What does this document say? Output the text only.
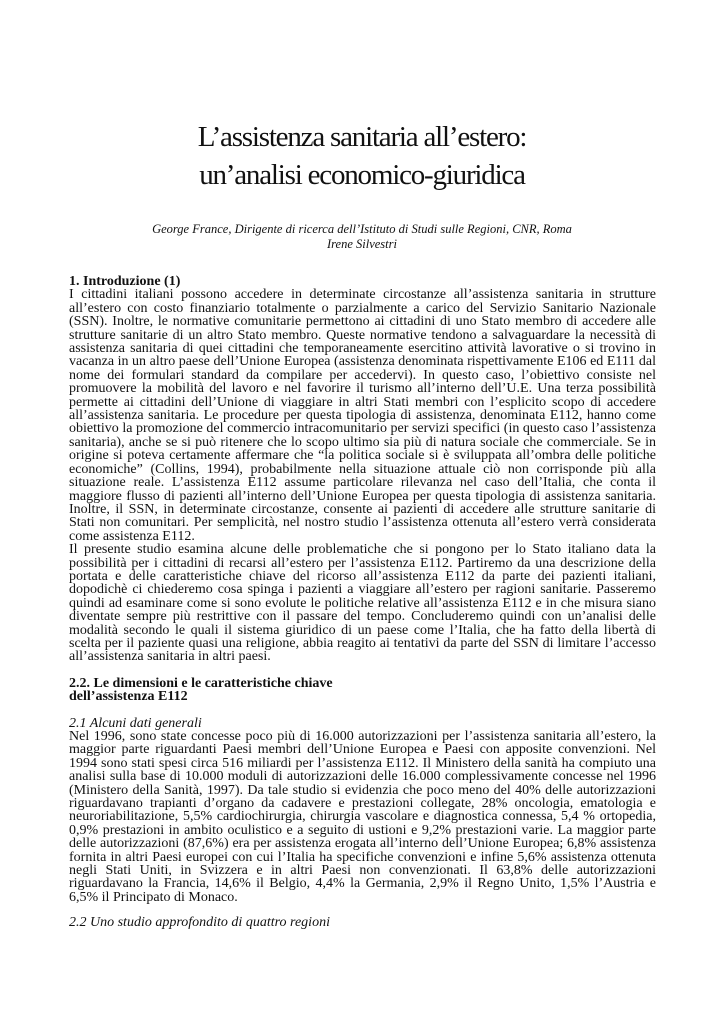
L’assistenza sanitaria all’estero:
un’analisi economico-giuridica
George France, Dirigente di ricerca dell’Istituto di Studi sulle Regioni, CNR, Roma
Irene Silvestri
1. Introduzione (1)

I cittadini italiani possono accedere in determinate circostanze all’assistenza sanitaria in strutture all’estero con costo finanziario totalmente o parzialmente a carico del Servizio Sanitario Nazionale (SSN). Inoltre, le normative comunitarie permettono ai cittadini di uno Stato membro di accedere alle strutture sanitarie di un altro Stato membro. Queste normative tendono a salvaguardare la necessità di assistenza sanitaria di quei cittadini che temporaneamente esercitino attività lavorative o si trovino in vacanza in un altro paese dell’Unione Europea (assistenza denominata rispettivamente E106 ed E111 dal nome dei formulari standard da compilare per accedervi). In questo caso, l’obiettivo consiste nel promuovere la mobilità del lavoro e nel favorire il turismo all’interno dell’U.E. Una terza possibilità permette ai cittadini dell’Unione di viaggiare in altri Stati membri con l’esplicito scopo di accedere all’assistenza sanitaria. Le procedure per questa tipologia di assistenza, denominata E112, hanno come obiettivo la promozione del commercio intracomunitario per servizi specifici (in questo caso l’assistenza sanitaria), anche se si può ritenere che lo scopo ultimo sia più di natura sociale che commerciale. Se in origine si poteva certamente affermare che “la politica sociale si è sviluppata all’ombra delle politiche economiche” (Collins, 1994), probabilmente nella situazione attuale ciò non corrisponde più alla situazione reale. L’assistenza E112 assume particolare rilevanza nel caso dell’Italia, che conta il maggiore flusso di pazienti all’interno dell’Unione Europea per questa tipologia di assistenza sanitaria. Inoltre, il SSN, in determinate circostanze, consente ai pazienti di accedere alle strutture sanitarie di Stati non comunitari. Per semplicità, nel nostro studio l’assistenza ottenuta all’estero verrà considerata come assistenza E112.

Il presente studio esamina alcune delle problematiche che si pongono per lo Stato italiano data la possibilità per i cittadini di recarsi all’estero per l’assistenza E112. Partiremo da una descrizione della portata e delle caratteristiche chiave del ricorso all’assistenza E112 da parte dei pazienti italiani, dopodichè ci chiederemo cosa spinga i pazienti a viaggiare all’estero per ragioni sanitarie. Passeremo quindi ad esaminare come si sono evolute le politiche relative all’assistenza E112 e in che misura siano diventate sempre più restrittive con il passare del tempo. Concluderemo quindi con un’analisi delle modalità secondo le quali il sistema giuridico di un paese come l’Italia, che ha fatto della libertà di scelta per il paziente quasi una religione, abbia reagito ai tentativi da parte del SSN di limitare l’accesso all’assistenza sanitaria in altri paesi.

2.2. Le dimensioni e le caratteristiche chiave
dell’assistenza E112
2.1 Alcuni dati generali

Nel 1996, sono state concesse poco più di 16.000 autorizzazioni per l’assistenza sanitaria all’estero, la maggior parte riguardanti Paesi membri dell’Unione Europea e Paesi con apposite convenzioni. Nel 1994 sono stati spesi circa 516 miliardi per l’assistenza E112. Il Ministero della sanità ha compiuto una analisi sulla base di 10.000 moduli di autorizzazioni delle 16.000 complessivamente concesse nel 1996 (Ministero della Sanità, 1997). Da tale studio si evidenzia che poco meno del 40% delle autorizzazioni riguardavano trapianti d’organo da cadavere e prestazioni collegate, 28% oncologia, ematologia e neuroriabilitazione, 5,5% cardiochirurgia, chirurgia vascolare e diagnostica connessa, 5,4 % ortopedia, 0,9% prestazioni in ambito oculistico e a seguito di ustioni e 9,2% prestazioni varie. La maggior parte delle autorizzazioni (87,6%) era per assistenza erogata all’interno dell’Unione Europea; 6,8% assistenza fornita in altri Paesi europei con cui l’Italia ha specifiche convenzioni e infine 5,6% assistenza ottenuta negli Stati Uniti, in Svizzera e in altri Paesi non convenzionati. Il 63,8% delle autorizzazioni riguardavano la Francia, 14,6% il Belgio, 4,4% la Germania, 2,9% il Regno Unito, 1,5% l’Austria e 6,5% il Principato di Monaco.

2.2 Uno studio approfondito di quattro regioni
